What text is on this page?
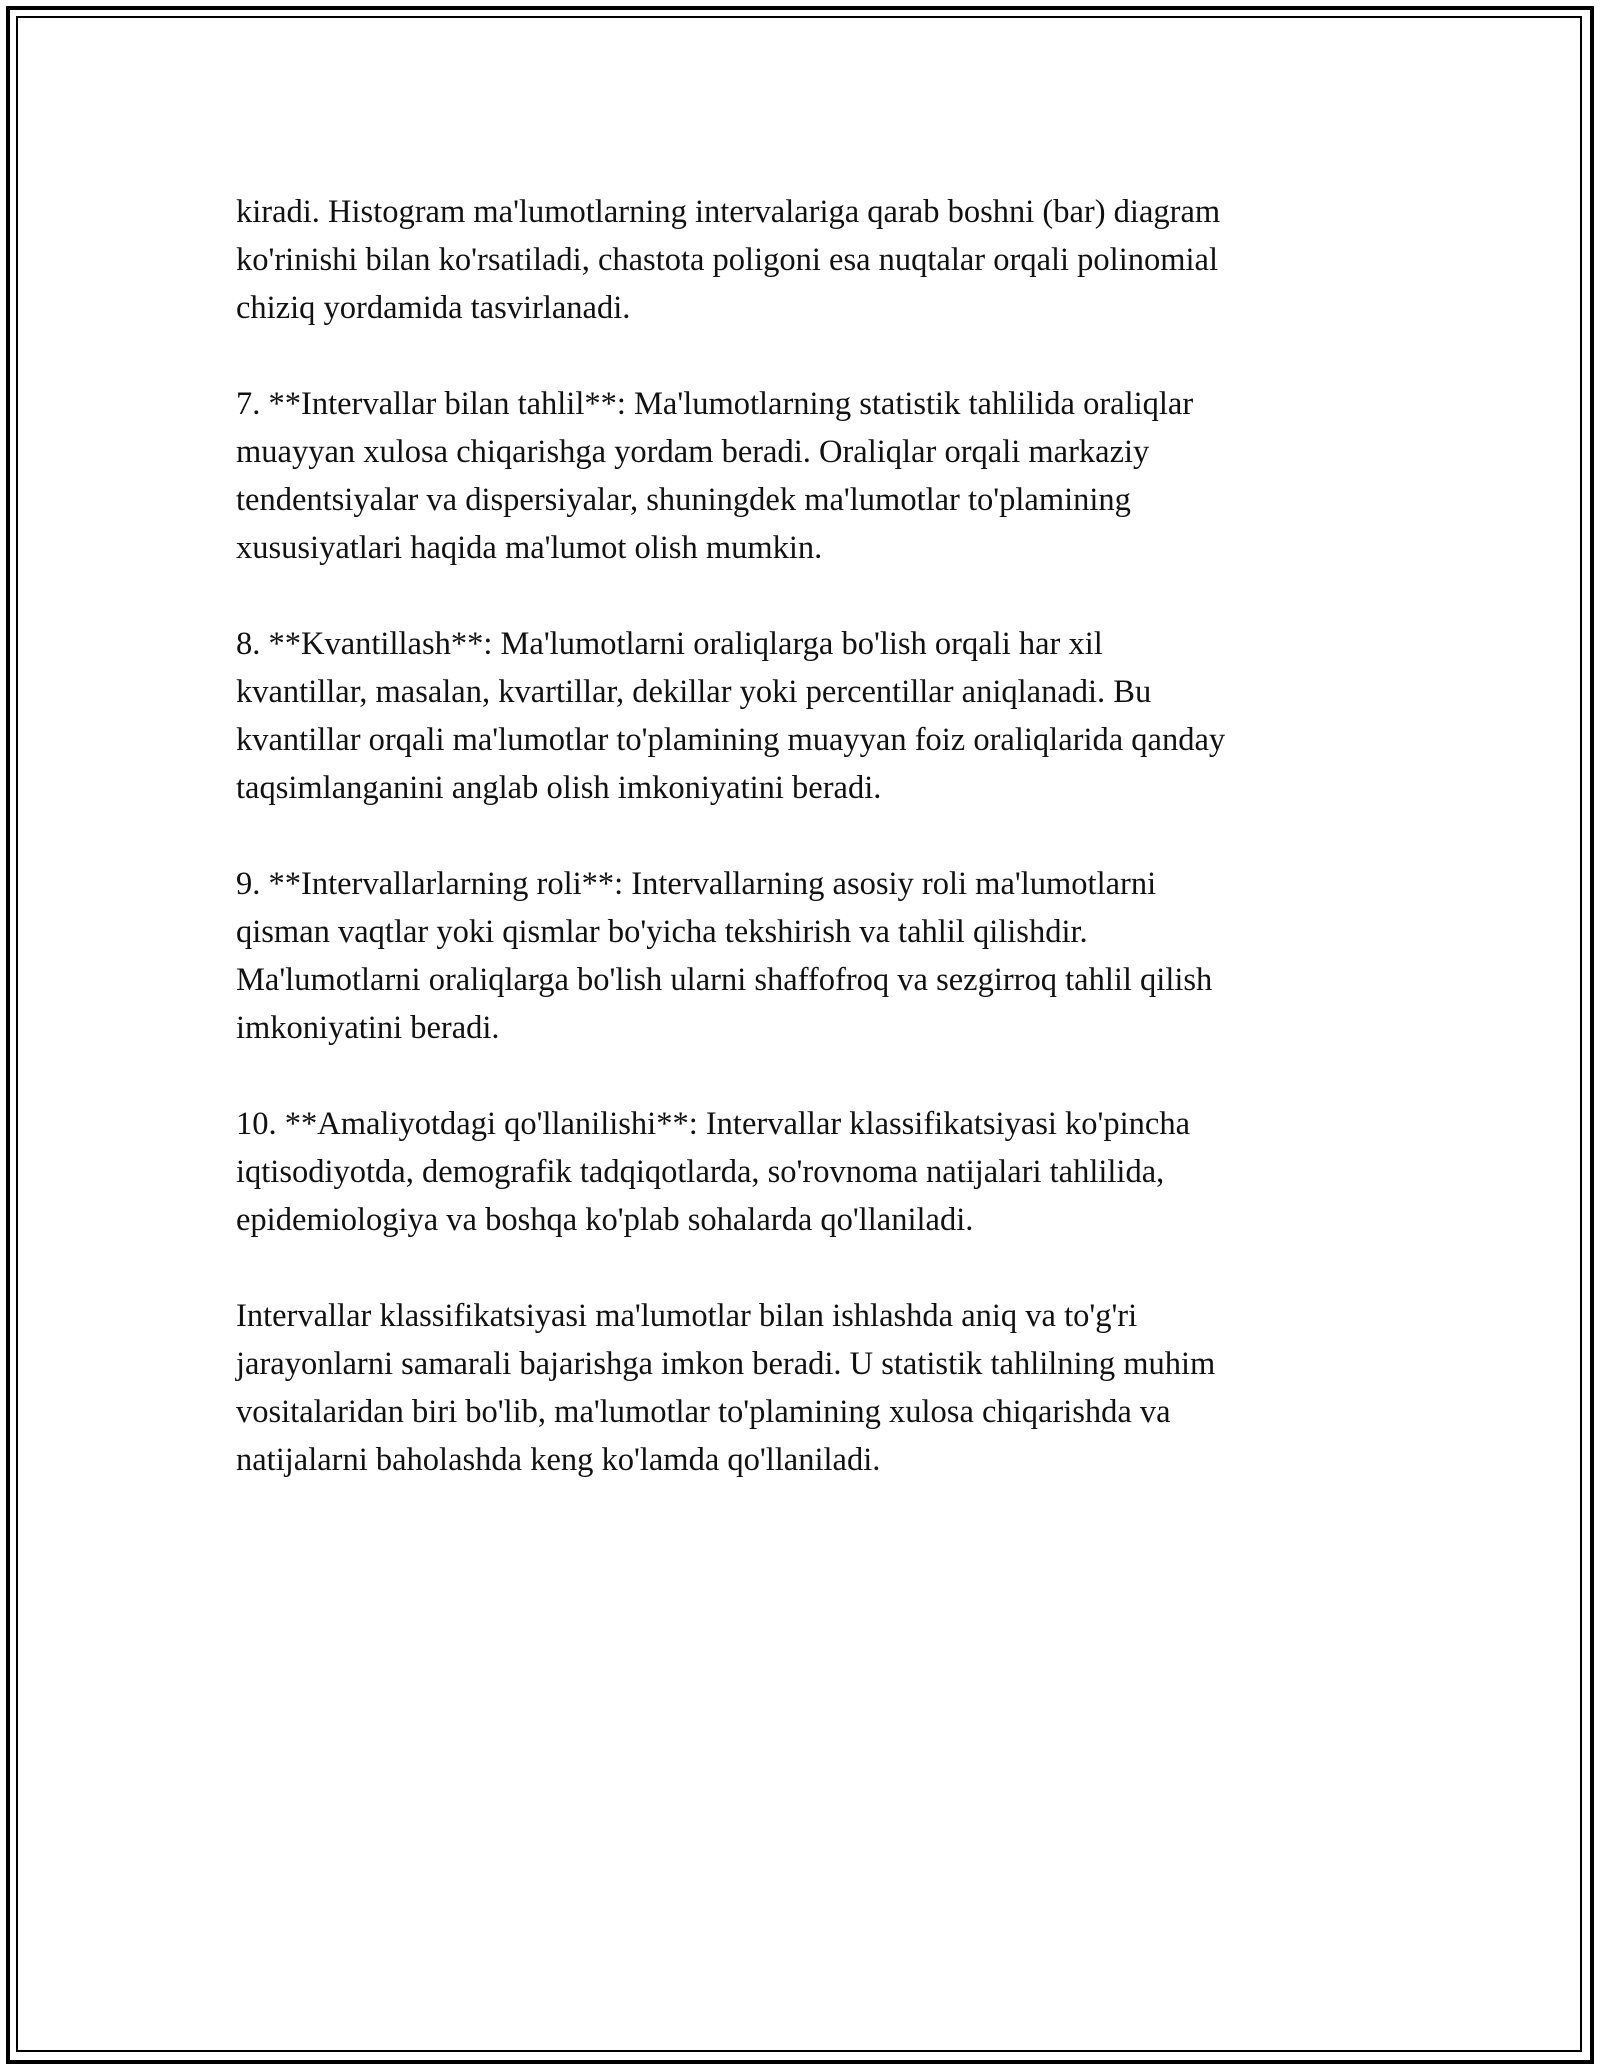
kiradi. Histogram ma'lumotlarning intervalariga qarab boshni (bar) diagram
ko'rinishi bilan ko'rsatiladi, chastota poligoni esa nuqtalar orqali polinomial
chiziq yordamida tasvirlanadi.

7. **Intervallar bilan tahlil**: Ma'lumotlarning statistik tahlilida oraliqlar
muayyan xulosa chiqarishga yordam beradi. Oraliqlar orqali markaziy
tendentsiyalar va dispersiyalar, shuningdek ma'lumotlar to'plamining
xususiyatlari haqida ma'lumot olish mumkin.

8. **Kvantillash**: Ma'lumotlarni oraliqlarga bo'lish orqali har xil
kvantillar, masalan, kvartillar, dekillar yoki percentillar aniqlanadi. Bu
kvantillar orqali ma'lumotlar to'plamining muayyan foiz oraliqlarida qanday
taqsimlanganini anglab olish imkoniyatini beradi.

9. **Intervallarlarning roli**: Intervallarning asosiy roli ma'lumotlarni
qisman vaqtlar yoki qismlar bo'yicha tekshirish va tahlil qilishdir.
Ma'lumotlarni oraliqlarga bo'lish ularni shaffofroq va sezgirroq tahlil qilish
imkoniyatini beradi.

10. **Amaliyotdagi qo'llanilishi**: Intervallar klassifikatsiyasi ko'pincha
iqtisodiyotda, demografik tadqiqotlarda, so'rovnoma natijalari tahlilida,
epidemiologiya va boshqa ko'plab sohalarda qo'llaniladi.

Intervallar klassifikatsiyasi ma'lumotlar bilan ishlashda aniq va to'g'ri
jarayonlarni samarali bajarishga imkon beradi. U statistik tahlilning muhim
vositalaridan biri bo'lib, ma'lumotlar to'plamining xulosa chiqarishda va
natijalarni baholashda keng ko'lamda qo'llaniladi.
